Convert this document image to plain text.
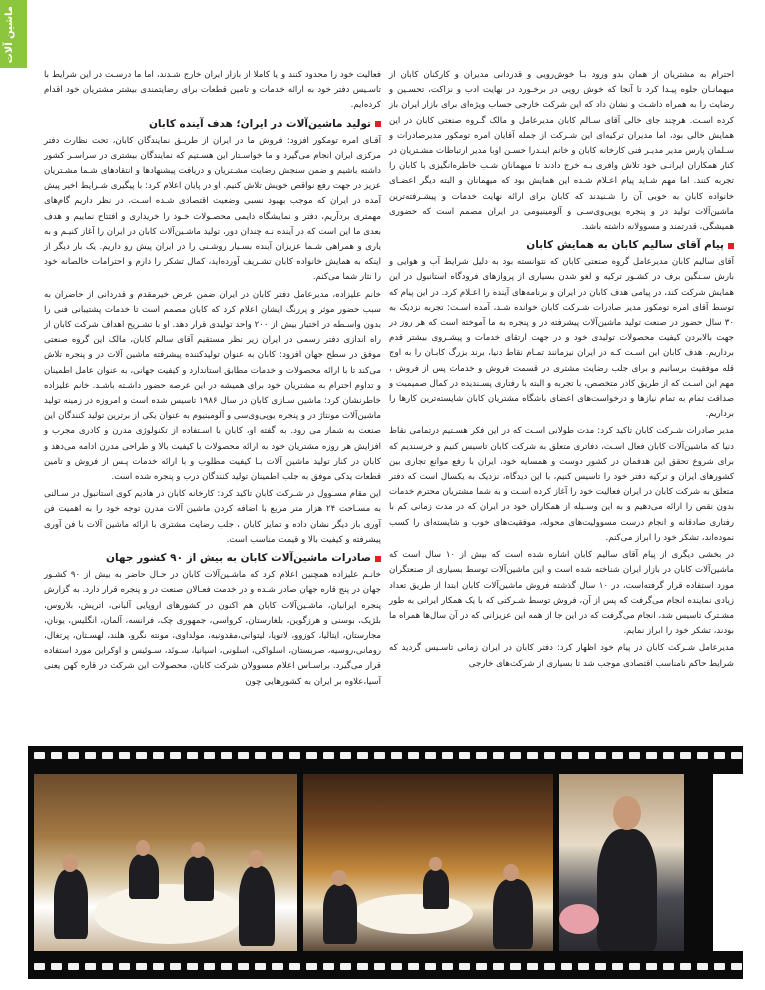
ماشین آلات

احترام به مشتریان از همان بدو ورود بـا خوش‌رویی و قدردانی مدیران و کارکنان کابان از میهمانـان جلوه پیـدا کرد تا آنجا که خوش رویی در برخـورد در نهایت ادب و نزاکت، تحسـین و رضایت را به همراه داشـت و نشان داد که این شرکت خارجی حساب ویژه‌ای برای بازار ایران باز کرده اسـت. هرچند جای خالی آقای سـالم کابان مدیرعامل و مالک گـروه صنعتی کابان در این همایش خالی بود، اما مدیران ترکیه‌ای این شـرکت از جمله آقایان امره تومکور مدیرصادرات و سـلمان پارس مدیر مدیـر فنی کارخانه کابان و خانم اینـدرا حسـن اوبا مدیر ارتباطات مشـتریان در کنار همکاران ایرانـی خود تلاش وافری بـه خرج دادند تا میهمانان شـب خاطره‌انگیزی با کابان را تجربه کنند. اما مهم شـاید پیام اعـلام شـده این همایش بود که میهمانان و البته دیگر اعضـای خانواده کابان به خوبی آن را شـنیدند که کابان برای ارائه نهایت خدمات و پیشـرفته‌ترین ماشین‌آلات تولید در و پنجره یوپی‌وی‌سـی و آلومینیومی در ایران مصمم است که حضوری همیشگی، قدرتمند و مسوولانه داشته باشد.

پیام آقای سالیم کابان به همایش کابان

آقای سالیم کابان مدیرعامل گروه صنعتی کابان که نتوانسته بود به دلیل شرایط آب و هوایی و بارش سـنگین برف در کشـور ترکیه و لغو شدن بسیاری از پروازهای فرودگاه استانبول در این همایش شرکت کند، در پیامی هدف کابان در ایران و برنامه‌های آینده را اعـلام کرد. در این پیام که توسط آقای امره تومکور مدیر صادرات شـرکت کابان خوانده شـد، آمده اسـت: تجربه نزدیک به ۳۰ سال حضور در صنعت تولید ماشین‌آلات پیشرفته در و پنجره به ما آموخته است که هر روز در جهت بالابردن کیفیت محصولات تولیدی خود و در جهت ارتقای خدمات و پیشـروی بیشتر قدم برداریم. هدف کابان این اسـت کـه در ایران نیزمانند تمـام نقاط دنیا، برند بزرگ کابـان را به اوج قله موفقیت برسانیم و برای جلب رضایت مشتری در قسمت فروش و خدمات پس از فروش ، مهم این اسـت که از طریق کادر متخصص، با تجربه و البته با رفتاری پسـندیده در کمال صمیمیت و صداقت تمام به تمام نیازها و درخواست‌های اعضای باشگاه مشتریان کابان شایسته‌ترین کارها را برداریم.

مدیر صادرات شـرکت کابان تاکید کرد: مدت طولانی اسـت که در این فکر هسـتیم درتمامی نقاط دنیا که ماشین‌آلات کابان فعال اسـت، دفاتری متعلق به شرکت کابان تاسیس کنیم و خرسندیم که برای شروع تحقق این هدفمان در کشور دوست و همسایه خود، ایران با رفع موانع تجاری بین کشورهای ایران و ترکیه دفتر خود را تاسیس کنیم، با این دیدگاه، نزدیک به یکسال است که دفتر متعلق به شرکت کابان در ایران فعالیت خود را آغاز کرده اسـت و به شما مشتریان محترم خدمات بدون نقص را ارائه می‌دهیم و به این وسـیله از همکاران خود در ایران که در مدت زمانی کم با رفتاری صادقانه و انجام درست مسوولیت‌های محوله، موفقیت‌های خوب و شایسته‌ای را کسب نموده‌اند، تشکر خود را ابراز می‌کنم.

در بخشی دیگری از پیام آقای سالیم کابان اشاره شده است که بیش از ۱۰ سال است که ماشین‌آلات کابان در بازار ایران شناخته شده است و این ماشین‌آلات توسط بسیاری از صنعتگران مورد استفاده قرار گرفته‌است، در ۱۰ سال گذشته فروش ماشین‌آلات کابان ابتدا از طریق تعداد زیادی نماینده انجام می‌گرفت که پس از آن، فروش توسط شـرکتی که با یک همکار ایرانی به طور مشـترک تاسیس شد، انجام می‌گرفت که در این جا از همه این عزیزانی که در آن سال‌ها همراه ما بودند، تشکر خود را ابراز نمایم.

مدیرعامل شـرکت کابان در پیام خود اظهار کرد: دفتر کابان در ایران زمانی تاسـیس گردید که شرایط حاکم نامناسب اقتصادی موجب شد تا بسیاری از شرکت‌های خارجی

فعالیت خود را محدود کنند و یا کاملا از بازار ایران خارج شـدند، اما ما درسـت در این شرایط با تاسـیس دفتر خود به ارائه خدمات و تامین قطعات برای رضایتمندی بیشتر مشتریان خود اقدام کرده‌ایم.

تولید ماشین‌آلات در ایران؛ هدف آینده کابان

آقـای امره تومکور افزود: فروش ما در ایران از طریـق نمایندگان کابان، تحت نظارت دفتر مرکزی ایران انجام می‌گیرد و ما خواسـتار این هسـتیم که نمایندگان بیشتری در سراسـر کشور داشته باشیم و ضمن سنجش رضایت مشـتریان و دریافت پیشنهادها و انتقادهای شـما مشـتریان عزیز در جهت رفع نواقص خویش تلاش کنیم. او در پایان اعلام کرد: با پیگیری شـرایط اخیر پیش آمده در ایران که موجب بهبود نسبی وضعیت اقتصادی شـده اسـت، در نظر داریم گام‌های مهمتری بردآریم، دفتر و نمایشگاه دایمی محصـولات خـود را خریداری و افتتاح نماییم و هدف بعدی ما این است که در آینده نـه چندان دور، تولید ماشـین‌آلات کابان در ایران را آغاز کنیـم و به یاری و همراهی شـما عزیزان آینده بسـیار روشـنی را در ایران پیش رو داریم. یک بار دیگر از اینکه به همایش خانواده کابان تشـریف آورده‌اید، کمال تشکر را دارم و احترامات خالصانه خود را نثار شما می‌کنم.

خانم علیزاده، مدیرعامل دفتر کابان در ایران ضمن عرض خیرمقدم و قدردانی از حاضران به سبب حضور موثر و پررنگ ایشان اعلام کرد که کابان مصمم است تا خدمات پشتیبانی فنی را بدون واسـطه در اختیار بیش از ۲۰۰ واحد تولیدی قرار دهد. او با تشـریح اهداف شرکت کابان از راه اندازی دفتر رسمی در ایران زیر نظر مستقیم آقای سالم کابان، مالک این گروه صنعتی موفق در سطح جهان افزود: کابان به عنوان تولیدکننده پیشرفته ماشین آلات در و پنجره تلاش می‌کند تا با ارائه محصولات و خدمات مطابق استاندارد و کیفیت جهانی، به عنوان عامل اطمینان و تداوم احترام به مشتریان خود برای همیشه در این عرصه حضور داشـته باشـد. خانم علیزاده خاطرنشان کرد: ماشین سـازی کابان در سال ۱۹۸۶ تاسیس شده است و امروزه در زمینه تولید ماشین‌آلات مونتاژ در و پنجره یوپی‌وی‌سی و آلومینیوم به عنوان یکی از برترین تولید کنندگان این صنعت به شمار می رود. به گفته او، کابان با اسـتفاده از تکنولوژی مدرن و کادری مجرب و افزایش هر روزه مشتریان خود به ارائه محصولات با کیفیت بالا و طراحی مدرن ادامه می‌دهد و کابان در کنار تولید ماشین آلات بـا کیفیت مطلوب و با ارائه خدمات پـس از فروش و تامین قطعات یدکی موفق به جلب اطمینان تولید کنندگان درب و پنجره شده است.

این مقام مسـوول در شـرکت کابان تاکید کرد: کارخانه کابان در هادیم کوی استانبول در سـالنی به مسـاحت ۲۴ هزار متر مربع با اضافه کردن ماشین آلات مدرن توجه خود را به اهمیت فن آوری باز دیگر نشان داده و تمایز کابان ، جلب رضایت مشتری با ارائه ماشین آلات با فن آوری پیشرفته و کیفیت بالا و قیمت مناسب است.

صادرات ماشین‌آلات کابان به بیش از ۹۰ کشور جهان

خانـم علیزاده همچنین اعلام کرد که ماشـین‌آلات کابان در حـال حاضر به بیش از ۹۰ کشـور جهان در پنج قاره جهان صادر شـده و در خدمت فعـالان صنعت در و پنجره قرار دارد. به گزارش پنجره ایرانیان، ماشـین‌آلات کابان هم اکنون در کشورهای اروپایی آلبانی، اتریش، بلاروس، بلژیک، بوسنی و هرزگوین، بلغارستان، کرواسی، جمهوری چک، فرانسه، آلمان، انگلیس، یونان، مجارستان، ایتالیا، کوزوو، لاتویا، لیتوانی،مقدونیه، مولداوی، مونته نگرو، هلند، لهسـتان، پرتغال، رومانی،روسیه، صربستان، اسلواکی، اسلونی، اسپانیا، سـوئد، سـوئیس و اوکراین مورد استفاده قرار می‌گیرد. براسـاس اعلام مسوولان شرکت کابان، محصولات این شرکت در قاره کهن یعنی آسیا،علاوه بر ایران به کشورهایی چون
